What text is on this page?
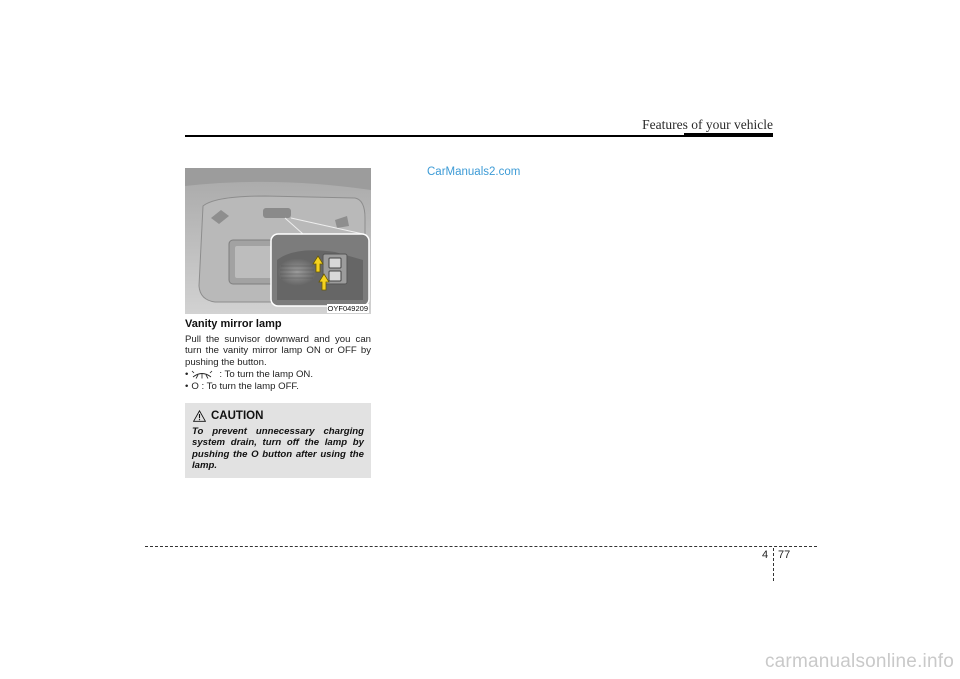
Features of your vehicle
OYF049209
CarManuals2.com
Vanity mirror lamp
Pull the sunvisor downward and you can turn the vanity mirror lamp ON or OFF by pushing the button.
•	: To turn the lamp ON.
• O : To turn the lamp OFF.
CAUTION
To prevent unnecessary charging system drain, turn off the lamp by pushing the O button after using the lamp.
4 77
carmanualsonline.info
